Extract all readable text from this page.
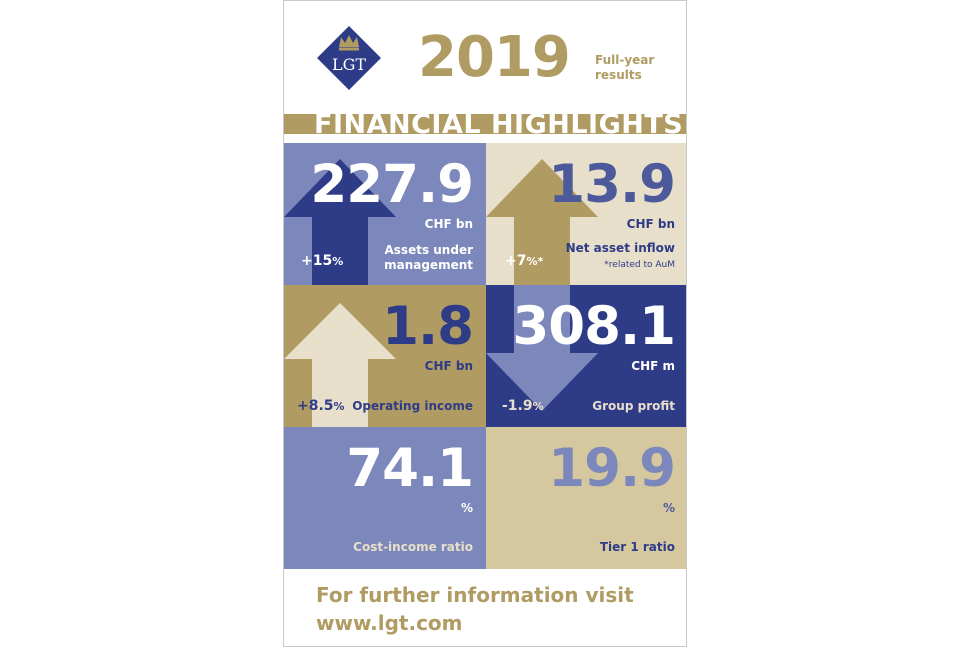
LGT 2019 Full-year results
FINANCIAL HIGHLIGHTS
227.9
CHF bn
Assets under management
+15%
13.9
CHF bn
Net asset inflow
*related to AuM
+7%*
1.8
CHF bn
Operating income
+8.5%
308.1
CHF m
Group profit
-1.9%
74.1
%
Cost-income ratio
19.9
%
Tier 1 ratio
For further information visit
www.lgt.com
